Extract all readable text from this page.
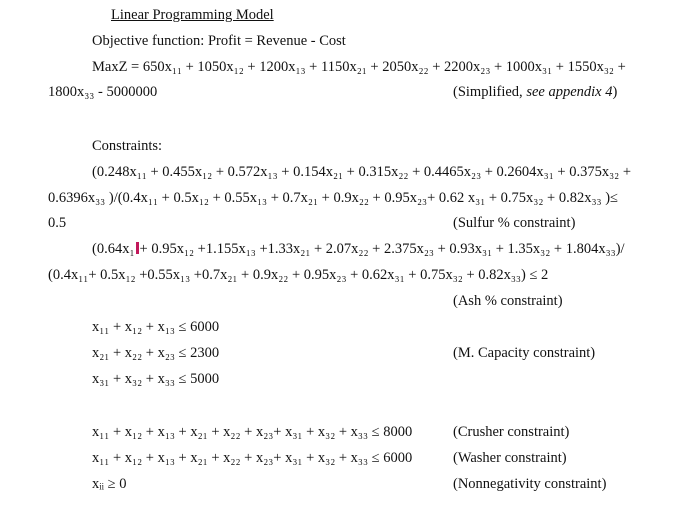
Linear Programming Model
Objective function: Profit = Revenue - Cost
MaxZ = 650x₁₁ + 1050x₁₂ + 1200x₁₃ + 1150x₂₁ + 2050x₂₂ + 2200x₂₃ + 1000x₃₁ + 1550x₃₂ +
1800x₃₃ - 5000000	(Simplified, see appendix 4)
Constraints:
(0.248x₁₁ + 0.455x₁₂ + 0.572x₁₃ + 0.154x₂₁ + 0.315x₂₂ + 0.4465x₂₃ + 0.2604x₃₁ + 0.375x₃₂ +
0.6396x₃₃ )/(0.4x₁₁ + 0.5x₁₂ + 0.55x₁₃ + 0.7x₂₁ + 0.9x₂₂ + 0.95x₂₃+ 0.62 x₃₁ + 0.75x₃₂ + 0.82x₃₃ )≤
0.5	(Sulfur % constraint)
(0.64x₁ + 0.95x₁₂ +1.155x₁₃ +1.33x₂₁ + 2.07x₂₂ + 2.375x₂₃ + 0.93x₃₁ + 1.35x₃₂ + 1.804x₃₃)/
(0.4x₁₁+ 0.5x₁₂ +0.55x₁₃ +0.7x₂₁ + 0.9x₂₂ + 0.95x₂₃ + 0.62x₃₁ + 0.75x₃₂ + 0.82x₃₃) ≤ 2
(Ash % constraint)
x₁₁ + x₁₂ + x₁₃ ≤ 6000
x₂₁ + x₂₂ + x₂₃ ≤ 2300	(M. Capacity constraint)
x₃₁ + x₃₂ + x₃₃ ≤ 5000
x₁₁ + x₁₂ + x₁₃ + x₂₁ + x₂₂ + x₂₃+ x₃₁ + x₃₂ + x₃₃ ≤ 8000	(Crusher constraint)
x₁₁ + x₁₂ + x₁₃ + x₂₁ + x₂₂ + x₂₃+ x₃₁ + x₃₂ + x₃₃ ≤ 6000	(Washer constraint)
xᵢᵢ ≥ 0	(Nonnegativity constraint)
